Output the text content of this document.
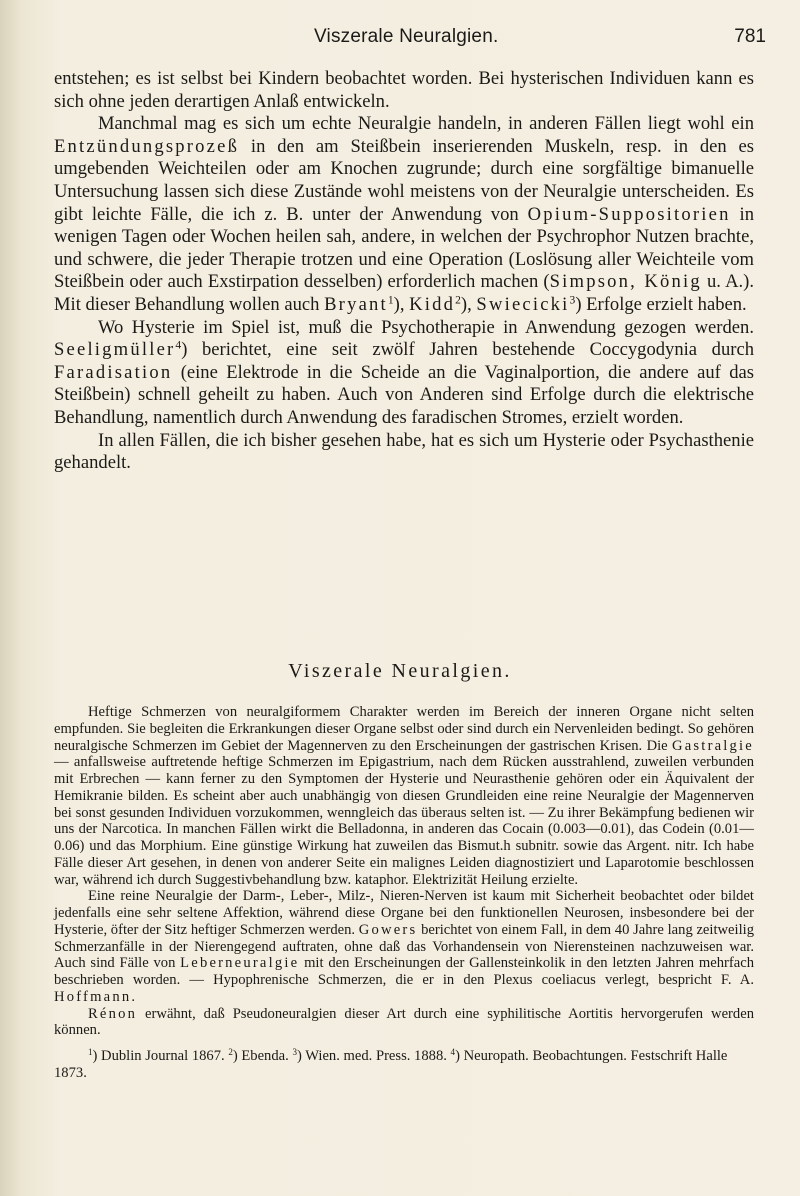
Viszerale Neuralgien.	781

entstehen; es ist selbst bei Kindern beobachtet worden. Bei hysterischen Individuen kann es sich ohne jeden derartigen Anlaß entwickeln.

Manchmal mag es sich um echte Neuralgie handeln, in anderen Fällen liegt wohl ein Entzündungsprozeß in den am Steißbein inserierenden Muskeln, resp. in den es umgebenden Weichteilen oder am Knochen zugrunde; durch eine sorgfältige bimanuelle Untersuchung lassen sich diese Zustände wohl meistens von der Neuralgie unterscheiden. Es gibt leichte Fälle, die ich z. B. unter der Anwendung von Opium-Suppositorien in wenigen Tagen oder Wochen heilen sah, andere, in welchen der Psychrophor Nutzen brachte, und schwere, die jeder Therapie trotzen und eine Operation (Loslösung aller Weichteile vom Steißbein oder auch Exstirpation desselben) erforderlich machen (Simpson, König u. A.). Mit dieser Behandlung wollen auch Bryant$^1$), Kidd$^2$), Swiecicki$^3$) Erfolge erzielt haben.

Wo Hysterie im Spiel ist, muß die Psychotherapie in Anwendung gezogen werden. Seeligmüller$^4$) berichtet, eine seit zwölf Jahren bestehende Coccygodynia durch Faradisation (eine Elektrode in die Scheide an die Vaginalportion, die andere auf das Steißbein) schnell geheilt zu haben. Auch von Anderen sind Erfolge durch die elektrische Behandlung, namentlich durch Anwendung des faradischen Stromes, erzielt worden.

In allen Fällen, die ich bisher gesehen habe, hat es sich um Hysterie oder Psychasthenie gehandelt.

Viszerale Neuralgien.

Heftige Schmerzen von neuralgiformem Charakter werden im Bereich der inneren Organe nicht selten empfunden. Sie begleiten die Erkrankungen dieser Organe selbst oder sind durch ein Nervenleiden bedingt. So gehören neuralgische Schmerzen im Gebiet der Magennerven zu den Erscheinungen der gastrischen Krisen. Die Gastralgie — anfallsweise auftretende heftige Schmerzen im Epigastrium, nach dem Rücken ausstrahlend, zuweilen verbunden mit Erbrechen — kann ferner zu den Symptomen der Hysterie und Neurasthenie gehören oder ein Äquivalent der Hemikranie bilden. Es scheint aber auch unabhängig von diesen Grundleiden eine reine Neuralgie der Magennerven bei sonst gesunden Individuen vorzukommen, wenngleich das überaus selten ist. — Zu ihrer Bekämpfung bedienen wir uns der Narcotica. In manchen Fällen wirkt die Belladonna, in anderen das Cocain (0.003—0.01), das Codein (0.01—0.06) und das Morphium. Eine günstige Wirkung hat zuweilen das Bismut.h subnitr. sowie das Argent. nitr. Ich habe Fälle dieser Art gesehen, in denen von anderer Seite ein malignes Leiden diagnostiziert und Laparotomie beschlossen war, während ich durch Suggestivbehandlung bzw. kataphor. Elektrizität Heilung erzielte.

Eine reine Neuralgie der Darm-, Leber-, Milz-, Nieren-Nerven ist kaum mit Sicherheit beobachtet oder bildet jedenfalls eine sehr seltene Affektion, während diese Organe bei den funktionellen Neurosen, insbesondere bei der Hysterie, öfter der Sitz heftiger Schmerzen werden. Gowers berichtet von einem Fall, in dem 40 Jahre lang zeitweilig Schmerzanfälle in der Nierengegend auftraten, ohne daß das Vorhandensein von Nierensteinen nachzuweisen war. Auch sind Fälle von Leberneuralgie mit den Erscheinungen der Gallensteinkolik in den letzten Jahren mehrfach beschrieben worden. — Hypophrenische Schmerzen, die er in den Plexus coeliacus verlegt, bespricht F. A. Hoffmann.

Rénon erwähnt, daß Pseudoneuralgien dieser Art durch eine syphilitische Aortitis hervorgerufen werden können.

$^1$) Dublin Journal 1867. $^2$) Ebenda. $^3$) Wien. med. Press. 1888. $^4$) Neuropath. Beobachtungen. Festschrift Halle 1873.
